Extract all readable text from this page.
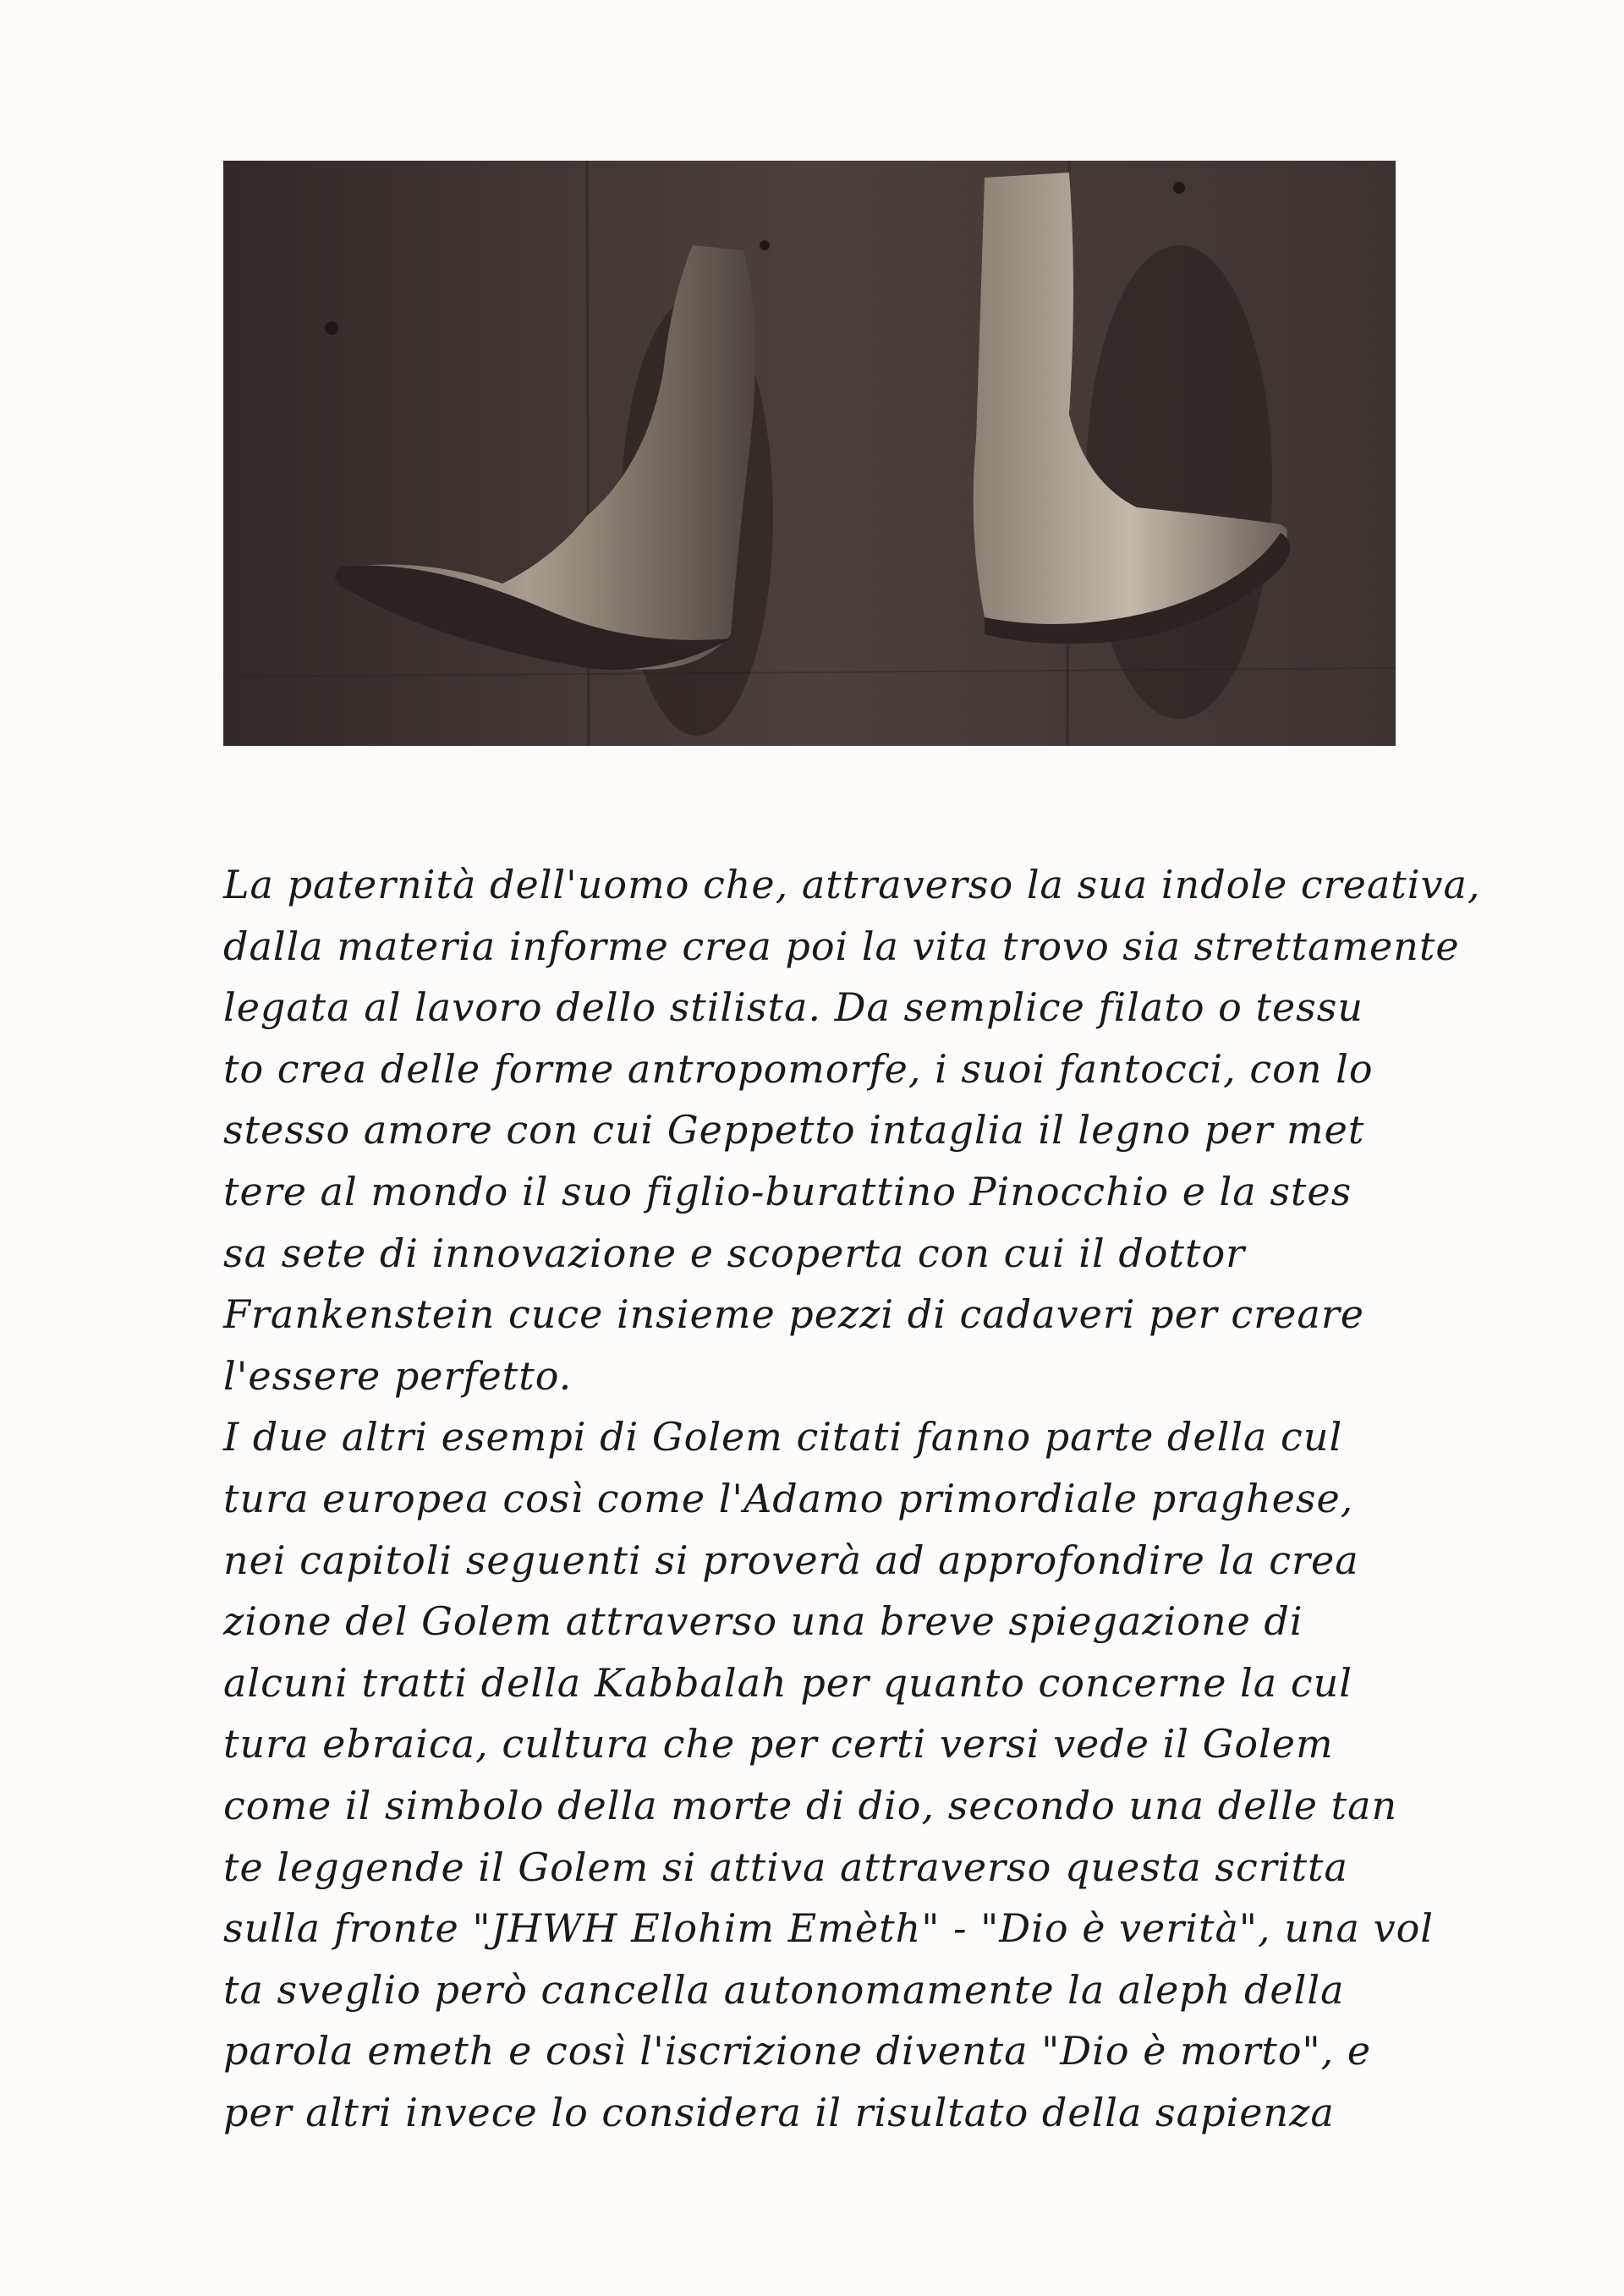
La paternità dell'uomo che, attraverso la sua indole creativa,
dalla materia informe crea poi la vita trovo sia strettamente
legata al lavoro dello stilista. Da semplice filato o tessu
to crea delle forme antropomorfe, i suoi fantocci, con lo
stesso amore con cui Geppetto intaglia il legno per met
tere al mondo il suo figlio-burattino Pinocchio e la stes
sa sete di innovazione e scoperta con cui il dottor
Frankenstein cuce insieme pezzi di cadaveri per creare
l'essere perfetto.
I due altri esempi di Golem citati fanno parte della cul
tura europea così come l'Adamo primordiale praghese,
nei capitoli seguenti si proverà ad approfondire la crea
zione del Golem attraverso una breve spiegazione di
alcuni tratti della Kabbalah per quanto concerne la cul
tura ebraica, cultura che per certi versi vede il Golem
come il simbolo della morte di dio, secondo una delle tan
te leggende il Golem si attiva attraverso questa scritta
sulla fronte "JHWH Elohim Emèth" - "Dio è verità", una vol
ta sveglio però cancella autonomamente la aleph della
parola emeth e così l'iscrizione diventa "Dio è morto", e
per altri invece lo considera il risultato della sapienza
